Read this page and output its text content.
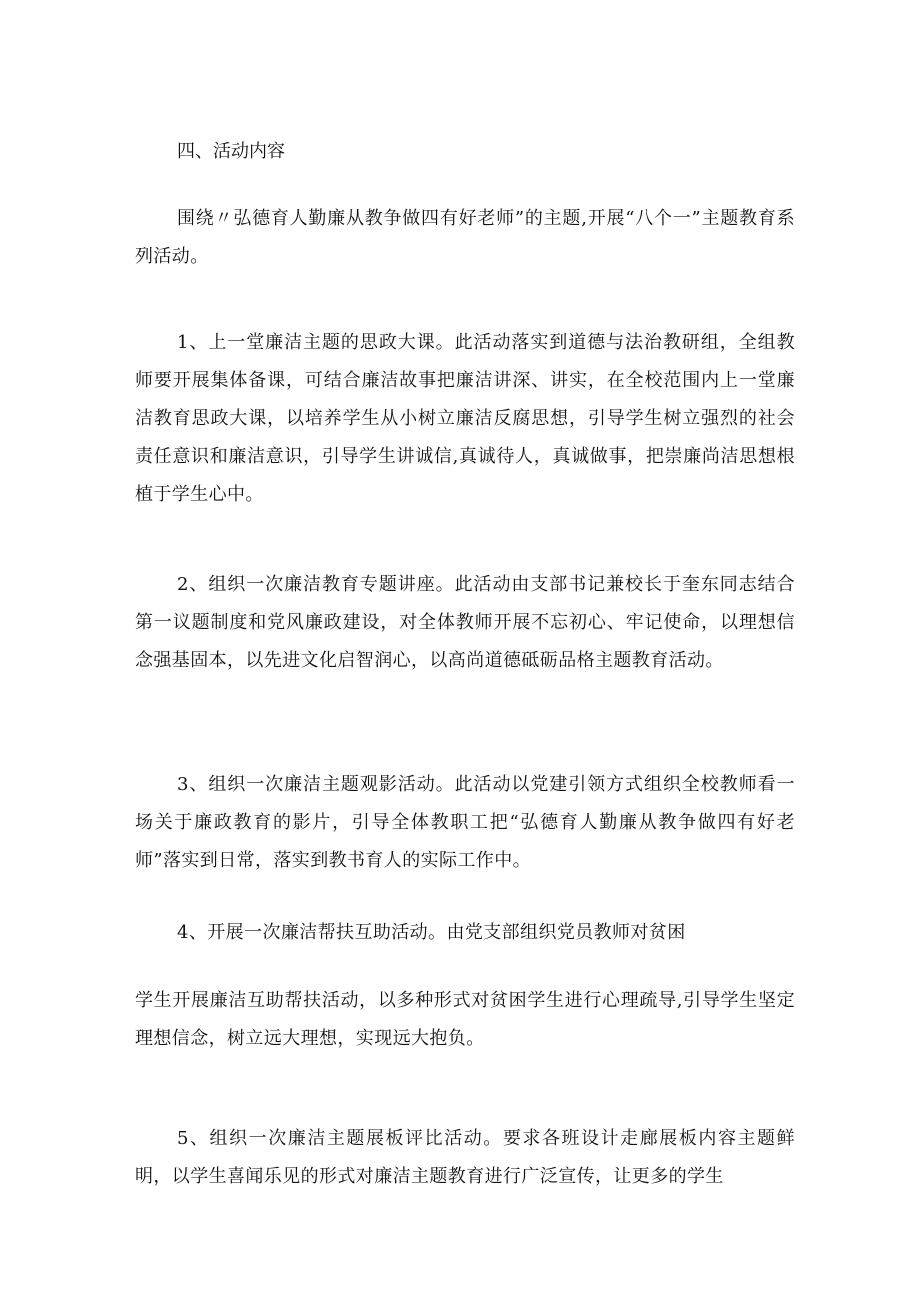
四、活动内容

围绕〃弘德育人勤廉从教争做四有好老师”的主题,开展“八个一”主题教育系列活动。

1、上一堂廉洁主题的思政大课。此活动落实到道德与法治教研组，全组教师要开展集体备课，可结合廉洁故事把廉洁讲深、讲实，在全校范围内上一堂廉洁教育思政大课，以培养学生从小树立廉洁反腐思想，引导学生树立强烈的社会责任意识和廉洁意识，引导学生讲诚信,真诚待人，真诚做事，把崇廉尚洁思想根植于学生心中。

2、组织一次廉洁教育专题讲座。此活动由支部书记兼校长于奎东同志结合第一议题制度和党风廉政建设，对全体教师开展不忘初心、牢记使命，以理想信念强基固本，以先进文化启智润心，以高尚道德砥砺品格主题教育活动。

3、组织一次廉洁主题观影活动。此活动以党建引领方式组织全校教师看一场关于廉政教育的影片，引导全体教职工把“弘德育人勤廉从教争做四有好老师”落实到日常，落实到教书育人的实际工作中。

4、开展一次廉洁帮扶互助活动。由党支部组织党员教师对贫困

学生开展廉洁互助帮扶活动，以多种形式对贫困学生进行心理疏导,引导学生坚定理想信念，树立远大理想，实现远大抱负。

5、组织一次廉洁主题展板评比活动。要求各班设计走廊展板内容主题鲜明，以学生喜闻乐见的形式对廉洁主题教育进行广泛宣传，让更多的学生
